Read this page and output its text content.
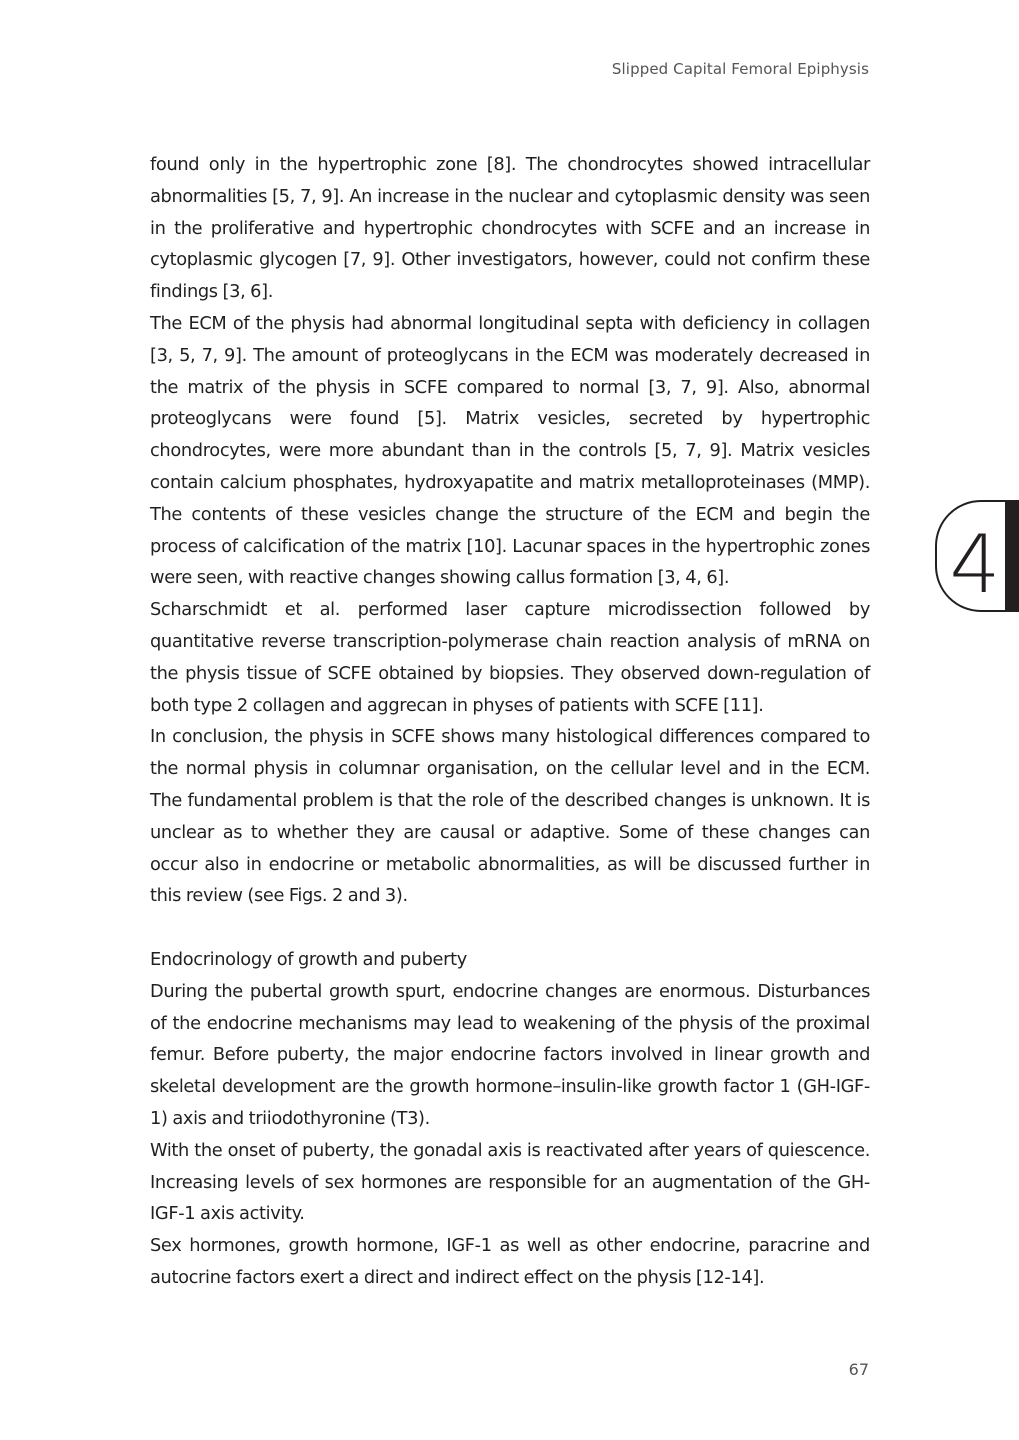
Slipped Capital Femoral Epiphysis

found only in the hypertrophic zone [8]. The chondrocytes showed intracellular abnormalities [5, 7, 9]. An increase in the nuclear and cytoplasmic density was seen in the proliferative and hypertrophic chondrocytes with SCFE and an increase in cytoplasmic glycogen [7, 9]. Other investigators, however, could not confirm these findings [3, 6].

The ECM of the physis had abnormal longitudinal septa with deficiency in collagen [3, 5, 7, 9]. The amount of proteoglycans in the ECM was moderately decreased in the matrix of the physis in SCFE compared to normal [3, 7, 9]. Also, abnormal proteoglycans were found [5]. Matrix vesicles, secreted by hypertrophic chondrocytes, were more abundant than in the controls [5, 7, 9]. Matrix vesicles contain calcium phosphates, hydroxyapatite and matrix metalloproteinases (MMP). The contents of these vesicles change the structure of the ECM and begin the process of calcification of the matrix [10]. Lacunar spaces in the hypertrophic zones were seen, with reactive changes showing callus formation [3, 4, 6].

Scharschmidt et al. performed laser capture microdissection followed by quantitative reverse transcription-polymerase chain reaction analysis of mRNA on the physis tissue of SCFE obtained by biopsies. They observed down-regulation of both type 2 collagen and aggrecan in physes of patients with SCFE [11].

In conclusion, the physis in SCFE shows many histological differences compared to the normal physis in columnar organisation, on the cellular level and in the ECM. The fundamental problem is that the role of the described changes is unknown. It is unclear as to whether they are causal or adaptive. Some of these changes can occur also in endocrine or metabolic abnormalities, as will be discussed further in this review (see Figs. 2 and 3).

Endocrinology of growth and puberty

During the pubertal growth spurt, endocrine changes are enormous. Disturbances of the endocrine mechanisms may lead to weakening of the physis of the proximal femur. Before puberty, the major endocrine factors involved in linear growth and skeletal development are the growth hormone–insulin-like growth factor 1 (GH-IGF-1) axis and triiodothyronine (T3).

With the onset of puberty, the gonadal axis is reactivated after years of quiescence. Increasing levels of sex hormones are responsible for an augmentation of the GH-IGF-1 axis activity.

Sex hormones, growth hormone, IGF-1 as well as other endocrine, paracrine and autocrine factors exert a direct and indirect effect on the physis [12-14].

4
67
